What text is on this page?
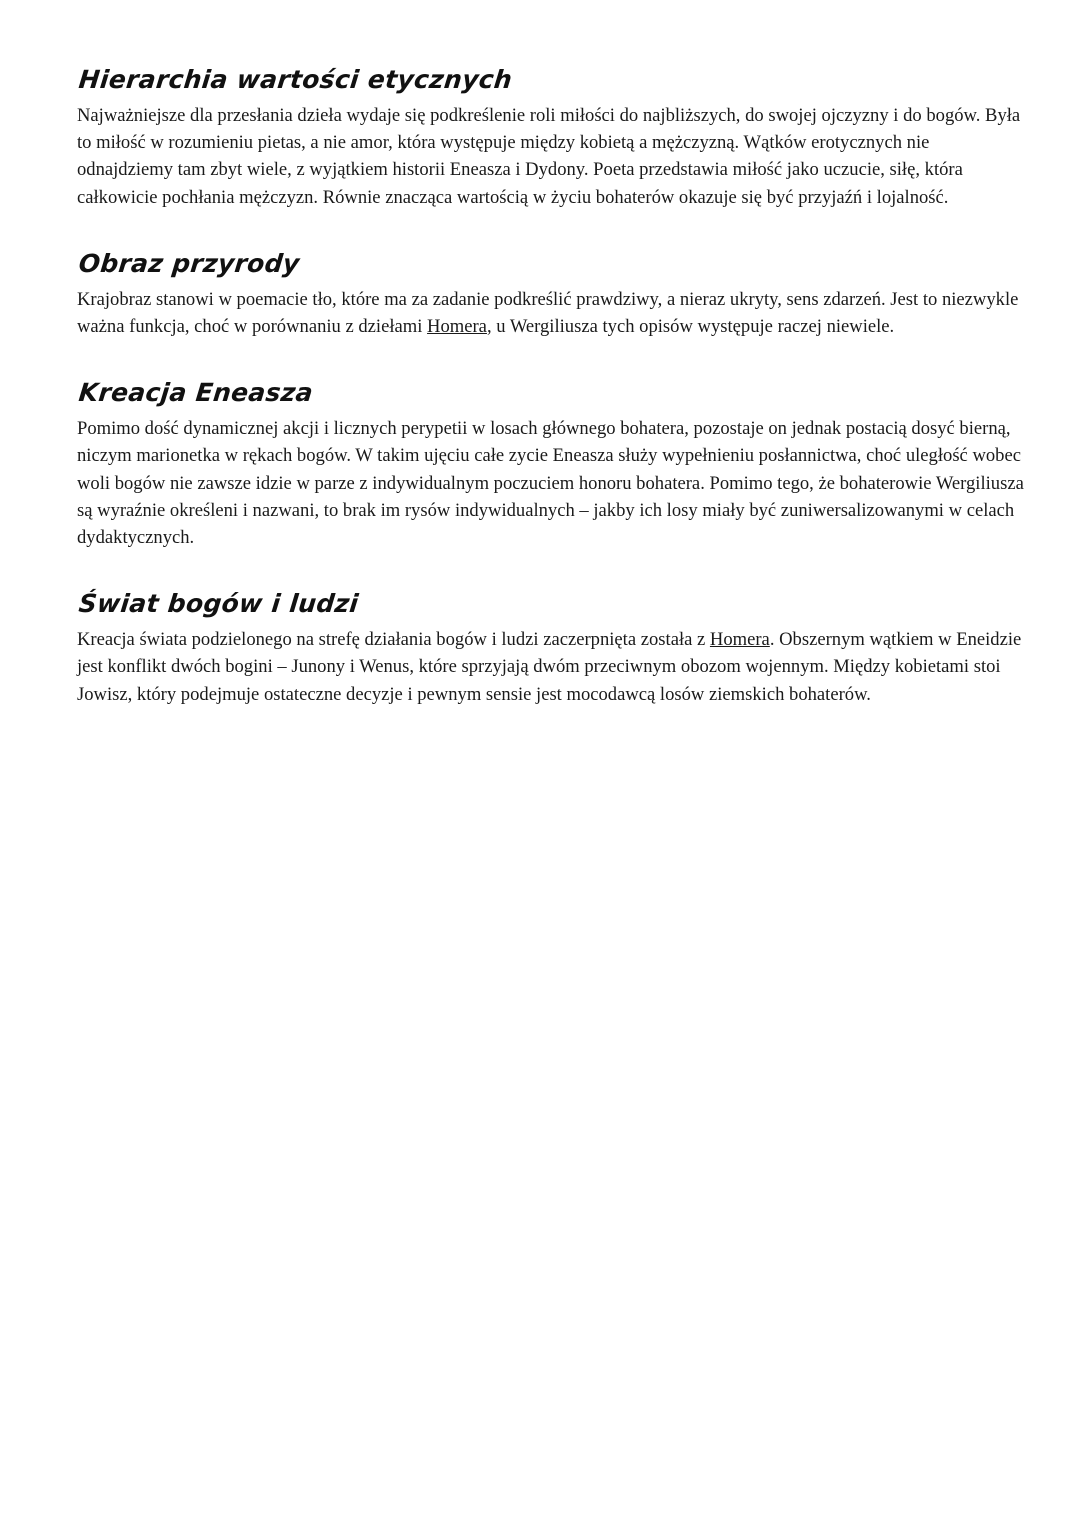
Hierarchia wartości etycznych

Najważniejsze dla przesłania dzieła wydaje się podkreślenie roli miłości do najbliższych, do swojej ojczyzny i do bogów. Była to miłość w rozumieniu pietas, a nie amor, która występuje między kobietą a mężczyzną. Wątków erotycznych nie odnajdziemy tam zbyt wiele, z wyjątkiem historii Eneasza i Dydony. Poeta przedstawia miłość jako uczucie, siłę, która całkowicie pochłania mężczyzn. Równie znacząca wartością w życiu bohaterów okazuje się być przyjaźń i lojalność.

Obraz przyrody

Krajobraz stanowi w poemacie tło, które ma za zadanie podkreślić prawdziwy, a nieraz ukryty, sens zdarzeń. Jest to niezwykle ważna funkcja, choć w porównaniu z dziełami Homera, u Wergiliusza tych opisów występuje raczej niewiele.

Kreacja Eneasza

Pomimo dość dynamicznej akcji i licznych perypetii w losach głównego bohatera, pozostaje on jednak postacią dosyć bierną, niczym marionetka w rękach bogów. W takim ujęciu całe zycie Eneasza służy wypełnieniu posłannictwa, choć uległość wobec woli bogów nie zawsze idzie w parze z indywidualnym poczuciem honoru bohatera. Pomimo tego, że bohaterowie Wergiliusza są wyraźnie określeni i nazwani, to brak im rysów indywidualnych – jakby ich losy miały być zuniwersalizowanymi w celach dydaktycznych.

Świat bogów i ludzi

Kreacja świata podzielonego na strefę działania bogów i ludzi zaczerpnięta została z Homera. Obszernym wątkiem w Eneidzie jest konflikt dwóch bogini – Junony i Wenus, które sprzyjają dwóm przeciwnym obozom wojennym. Między kobietami stoi Jowisz, który podejmuje ostateczne decyzje i pewnym sensie jest mocodawcą losów ziemskich bohaterów.
